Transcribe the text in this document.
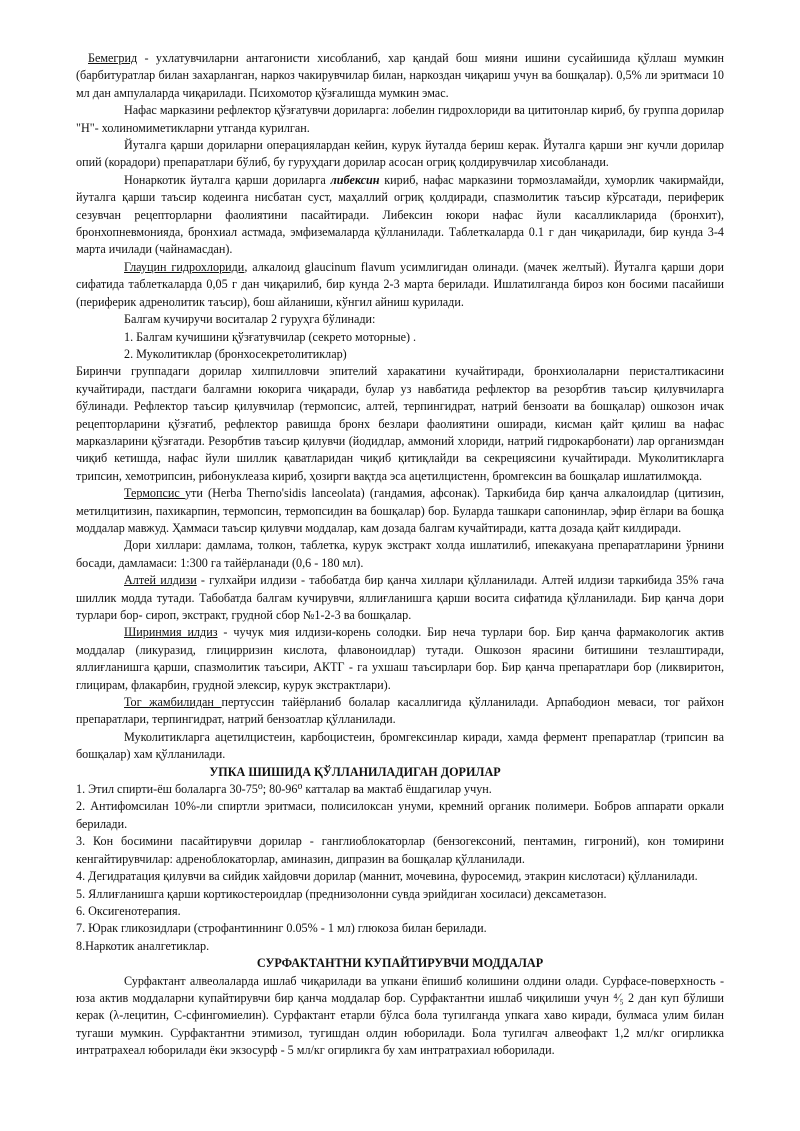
Бемегрид - ухлатувчиларни антагонисти хисобланиб, хар қандай бош мияни ишини сусайишида қўллаш мумкин (барбитуратлар билан захарланган, наркоз чакирувчилар билан, наркоздан чиқариш учун ва бошқалар). 0,5% ли эритмаси 10 мл дан ампулаларда чиқарилади. Психомотор қўзғалишда мумкин эмас.

Нафас марказини рефлектор қўзғатувчи дориларга: лобелин гидрохлориди ва цититонлар кириб, бу группа дорилар "Н"- холиномиметикларни утганда курилган.

Йуталга қарши дориларни операциялардан кейин, курук йуталда бериш керак. Йуталга қарши энг кучли дорилар опий (корадори) препаратлари бўлиб, бу гуруҳдаги дорилар асосан огриқ қолдирувчилар хисобланади.

Нонаркотик йуталга қарши дориларга либексин кириб, нафас марказини тормозламайди, хуморлик чакирмайди, йуталга қарши таъсир кодеинга нисбатан суст, маҳаллий огриқ қолдиради, спазмолитик таъсир кўрсатади, периферик сезувчан рецепторларни фаолиятини пасайтиради. Либексин юкори нафас йули касалликларида (бронхит), бронхопневмонияда, бронхиал астмада, эмфиземаларда қўлланилади. Таблеткаларда 0.1 г дан чиқарилади, бир кунда 3-4 марта ичилади (чайнамасдан).

Глауцин гидрохлориди, алкалоид glaucinum flavum усимлигидан олинади. (мачек желтый). Йуталга қарши дори сифатида таблеткаларда 0,05 г дан чиқарилиб, бир кунда 2-3 марта берилади. Ишлатилганда бироз кон босими пасайиши (периферик адренолитик таъсир), бош айланиши, кўнгил айниш курилади.

Балгам кучиручи воситалар 2 гуруҳга бўлинади:

1. Балгам кучишини қўзғатувчилар (секрето моторные) .

2. Муколитиклар (бронхосекретолитиклар)

Биринчи группадаги дорилар хилпилловчи эпителий харакатини кучайтиради, бронхиолаларни перисталтикасини кучайтиради, пастдаги балгамни юкорига чиқаради, булар уз навбатида рефлектор ва резорбтив таъсир қилувчиларга бўлинади. Рефлектор таъсир қилувчилар (термопсис, алтей, терпингидрат, натрий бензоати ва бошқалар) ошкозон ичак рецепторларини қўзғатиб, рефлектор равишда бронх безлари фаолиятини оширади, кисман қайт қилиш ва нафас марказларини қўзғатади. Резорбтив таъсир қилувчи (йодидлар, аммоний хлориди, натрий гидрокарбонати) лар организмдан чиқиб кетишда, нафас йули шиллик қаватларидан чиқиб қитиқлайди ва секрециясини кучайтиради. Муколитикларга трипсин, хемотрипсин, рибонуклеаза кириб, ҳозирги вақтда эса ацетилцистенн, бромгексин ва бошқалар ишлатилмоқда.

Термопсис ути (Herba Therno'sidis lanceolata) (гандамия, афсонак). Таркибида бир қанча алкалоидлар (цитизин, метилцитизин, пахикарпин, термопсин, термопсидин ва бошқалар) бор. Буларда ташкари сапонинлар, эфир ёглари ва бошқа моддалар мавжуд. Ҳаммаси таъсир қилувчи моддалар, кам дозада балгам кучайтиради, катта дозада қайт килдиради.

Дори хиллари: дамлама, толкон, таблетка, курук экстракт холда ишлатилиб, ипекакуана препаратларини ўрнини босади, дамламаси: 1:300 га тайёрланади (0,6 - 180 мл).

Алтей илдизи - гулхайри илдизи - табобатда бир қанча хиллари қўлланилади. Алтей илдизи таркибида 35% гача шиллик модда тутади. Табобатда балгам кучирувчи, яллиғланишга қарши восита сифатида қўлланилади. Бир қанча дори турлари бор- сироп, экстракт, грудной сбор №1-2-3 ва бошқалар.

Ширинмия илдиз - чучук мия илдизи-корень солодки. Бир неча турлари бор. Бир қанча фармакологик актив моддалар (ликуразид, глицирризин кислота, флавоноидлар) тутади. Ошкозон ярасини битишини тезлаштиради, яллиғланишга қарши, спазмолитик таъсири, АКТГ - га ухшаш таъсирлари бор. Бир қанча препаратлари бор (ликвиритон, глицирам, флакарбин, грудной элексир, курук экстрактлари).

Тог жамбилидан пертуссин тайёрланиб болалар касаллигида қўлланилади. Арпабодион меваси, тог райхон препаратлари, терпингидрат, натрий бензоатлар қўлланилади.

Муколитикларга ацетилцистеин, карбоцистеин, бромгексинлар киради, хамда фермент препаратлар (трипсин ва бошқалар) хам қўлланилади.

УПКА ШИШИДА ҚЎЛЛАНИЛАДИГАН ДОРИЛАР

1. Этил спирти-ёш болаларга 30-75⁰; 80-96⁰ катталар ва мактаб ёшдагилар учун.

2. Антифомсилан 10%-ли спиртли эритмаси, полисилоксан унуми, кремний органик полимери. Бобров аппарати оркали берилади.

3. Кон босимини пасайтирувчи дорилар - ганглиоблокаторлар (бензогексоний, пентамин, гигроний), кон томирини кенгайтирувчилар: адреноблокаторлар, аминазин, дипразин ва бошқалар қўлланилади.

4. Дегидратация қилувчи ва сийдик хайдовчи дорилар (маннит, мочевина, фуросемид, этакрин кислотаси) қўлланилади.

5. Яллиғланишга қарши кортикостероидлар (преднизолонни сувда эрийдиган хосиласи) дексаметазон.

6. Оксигенотерапия.

7. Юрак гликозидлари (строфантиннинг 0.05% - 1 мл) глюкоза билан берилади.

8.Наркотик аналгетиклар.

СУРФАКТАНТНИ КУПАЙТИРУВЧИ МОДДАЛАР

Сурфактант алвеолаларда ишлаб чиқарилади ва упкани ёпишиб колишини олдини олади. Сурфасе-поверхность - юза актив моддаларни купайтирувчи бир қанча моддалар бор. Сурфактантни ишлаб чиқилиши учун ⁴⁄₅ 2 дан куп бўлиши керак (λ-лецитин, С-сфингомиелин). Сурфактант етарли бўлса бола тугилганда упкага хаво киради, булмаса улим билан тугаши мумкин. Сурфактантни этимизол, тугишдан олдин юборилади. Бола тугилгач алвеофакт 1,2 мл/кг огирликка интратрахеал юборилади ёки экзосурф - 5 мл/кг огирликга бу хам интратрахиал юборилади.
